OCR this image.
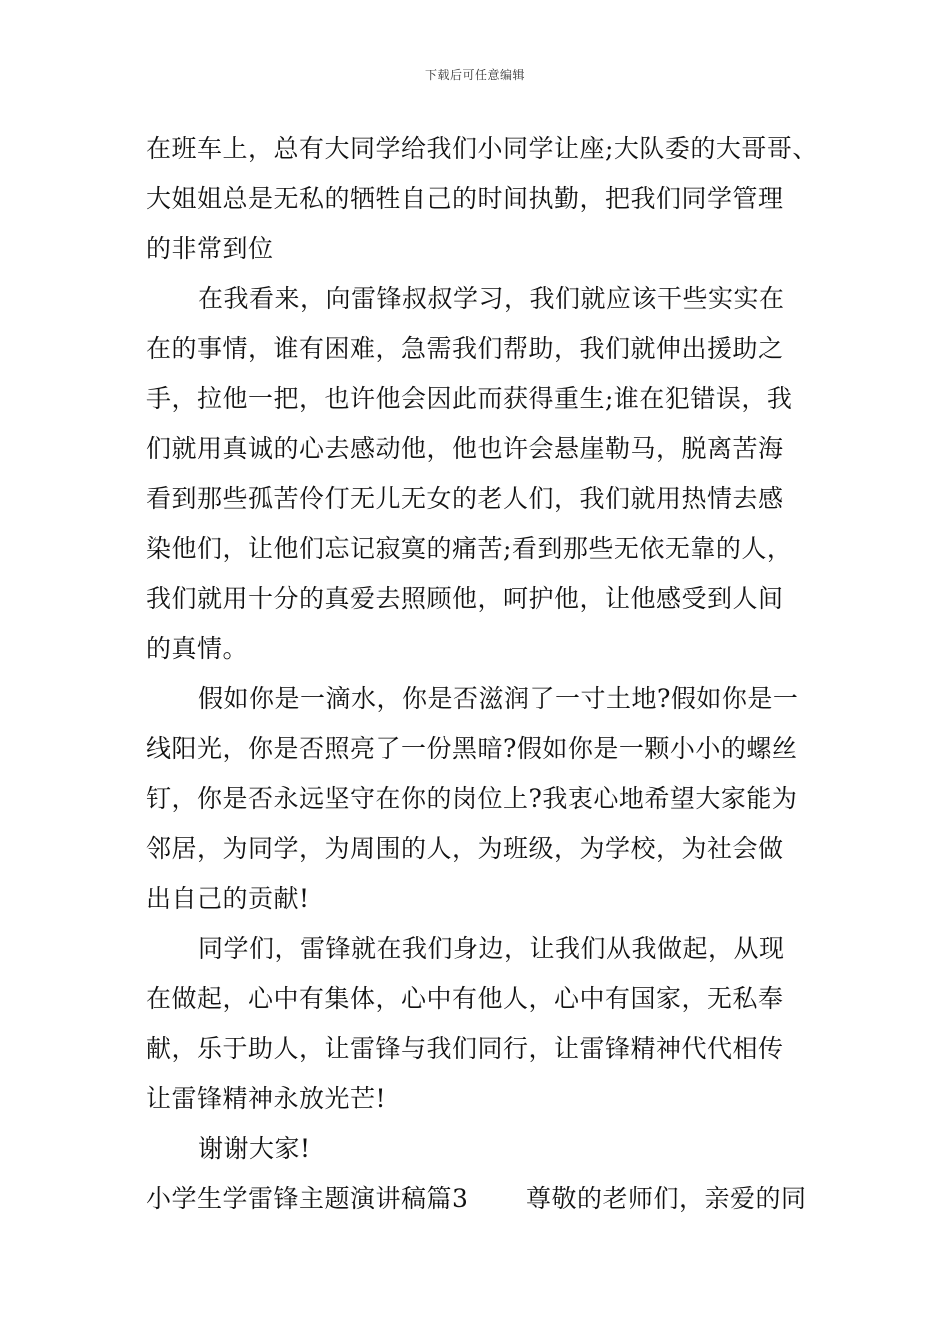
下载后可任意编辑
在班车上，总有大同学给我们小同学让座;大队委的大哥哥、
大姐姐总是无私的牺牲自己的时间执勤，把我们同学管理
的非常到位
在我看来，向雷锋叔叔学习，我们就应该干些实实在
在的事情，谁有困难，急需我们帮助，我们就伸出援助之
手，拉他一把，也许他会因此而获得重生;谁在犯错误，我
们就用真诚的心去感动他，他也许会悬崖勒马，脱离苦海
看到那些孤苦伶仃无儿无女的老人们，我们就用热情去感
染他们，让他们忘记寂寞的痛苦;看到那些无依无靠的人，
我们就用十分的真爱去照顾他，呵护他，让他感受到人间
的真情。
假如你是一滴水，你是否滋润了一寸土地?假如你是一
线阳光，你是否照亮了一份黑暗?假如你是一颗小小的螺丝
钉，你是否永远坚守在你的岗位上?我衷心地希望大家能为
邻居，为同学，为周围的人，为班级，为学校，为社会做
出自己的贡献!
同学们，雷锋就在我们身边，让我们从我做起，从现
在做起，心中有集体，心中有他人，心中有国家，无私奉
献，乐于助人，让雷锋与我们同行，让雷锋精神代代相传
让雷锋精神永放光芒!
谢谢大家!
小学生学雷锋主题演讲稿篇3 尊敬的老师们，亲爱的同
